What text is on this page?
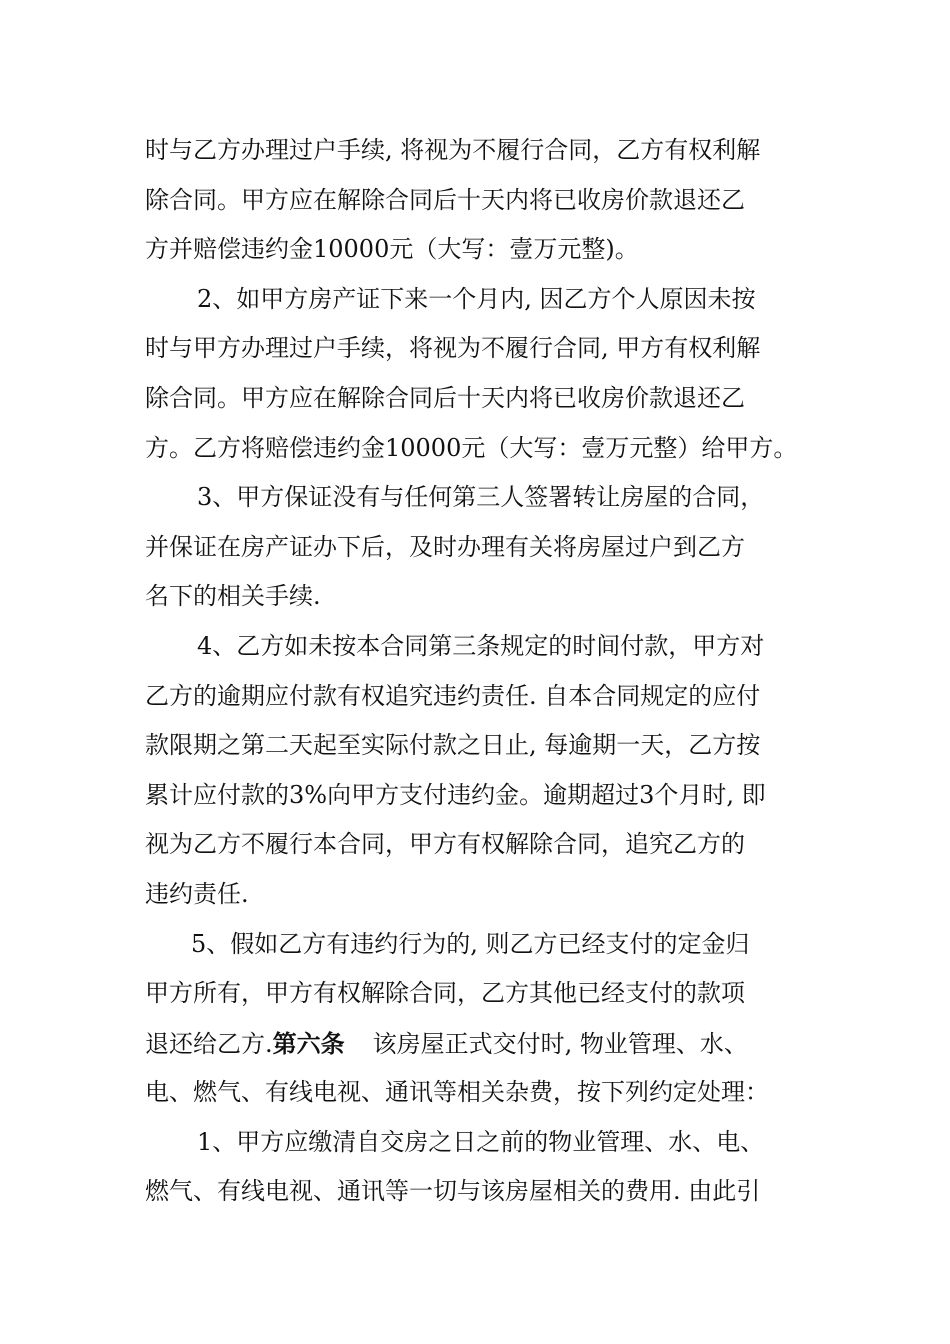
时与乙方办理过户手续, 将视为不履行合同，乙方有权利解
除合同。甲方应在解除合同后十天内将已收房价款退还乙
方并赔偿违约金10000元（大写：壹万元整)。
2、如甲方房产证下来一个月内, 因乙方个人原因未按
时与甲方办理过户手续，将视为不履行合同, 甲方有权利解
除合同。甲方应在解除合同后十天内将已收房价款退还乙
方。乙方将赔偿违约金10000元（大写：壹万元整）给甲方。
3、甲方保证没有与任何第三人签署转让房屋的合同，
并保证在房产证办下后，及时办理有关将房屋过户到乙方
名下的相关手续.
4、乙方如未按本合同第三条规定的时间付款，甲方对
乙方的逾期应付款有权追究违约责任. 自本合同规定的应付
款限期之第二天起至实际付款之日止, 每逾期一天，乙方按
累计应付款的3%向甲方支付违约金。逾期超过3个月时, 即
视为乙方不履行本合同，甲方有权解除合同，追究乙方的
违约责任.
5、假如乙方有违约行为的, 则乙方已经支付的定金归
甲方所有，甲方有权解除合同，乙方其他已经支付的款项
退还给乙方.第六条 该房屋正式交付时, 物业管理、水、
电、燃气、有线电视、通讯等相关杂费，按下列约定处理：
1、甲方应缴清自交房之日之前的物业管理、水、电、
燃气、有线电视、通讯等一切与该房屋相关的费用. 由此引
